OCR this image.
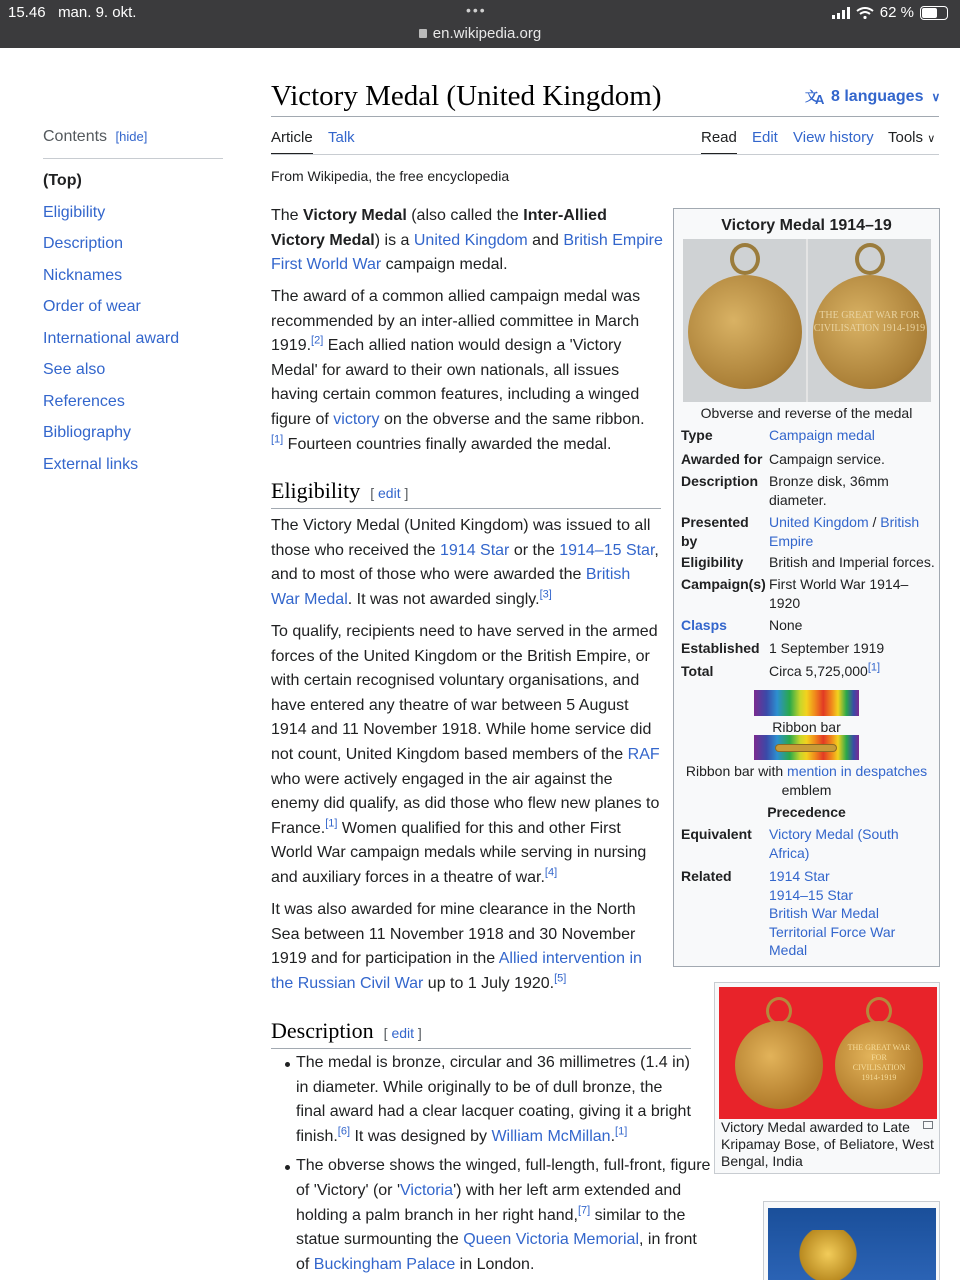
15.46 man. 9. okt.	•••
en.wikipedia.org
62 %
Contents [hide]
(Top)
Eligibility
Description
Nicknames
Order of wear
International award
See also
References
Bibliography
External links
Victory Medal (United Kingdom)	文
A 8 languages ∨
Article Talk	Read Edit View history Tools ∨
From Wikipedia, the free encyclopedia

The Victory Medal (also called the Inter-Allied Victory Medal) is a United Kingdom and British Empire First World War campaign medal.

The award of a common allied campaign medal was recommended by an inter-allied committee in March 1919.[2] Each allied nation would design a 'Victory Medal' for award to their own nationals, all issues having certain common features, including a winged figure of victory on the obverse and the same ribbon.[1] Fourteen countries finally awarded the medal.

Eligibility [ edit ]

The Victory Medal (United Kingdom) was issued to all those who received the 1914 Star or the 1914–15 Star, and to most of those who were awarded the British War Medal. It was not awarded singly.[3]

To qualify, recipients need to have served in the armed forces of the United Kingdom or the British Empire, or with certain recognised voluntary organisations, and have entered any theatre of war between 5 August 1914 and 11 November 1918. While home service did not count, United Kingdom based members of the RAF who were actively engaged in the air against the enemy did qualify, as did those who flew new planes to France.[1] Women qualified for this and other First World War campaign medals while serving in nursing and auxiliary forces in a theatre of war.[4]

It was also awarded for mine clearance in the North Sea between 11 November 1918 and 30 November 1919 and for participation in the Allied intervention in the Russian Civil War up to 1 July 1920.[5]

Description [ edit ]
The medal is bronze, circular and 36 millimetres (1.4 in) in diameter. While originally to be of dull bronze, the final award had a clear lacquer coating, giving it a bright finish.[6] It was designed by William McMillan.[1]
The obverse shows the winged, full-length, full-front, figure of 'Victory' (or 'Victoria') with her left arm extended and holding a palm branch in her right hand,[7] similar to the statue surmounting the Queen Victoria Memorial, in front of Buckingham Palace in London.
Victory Medal 1914–19
THE GREAT WAR FOR CIVILISATION 1914-1919
Obverse and reverse of the medal
Type	Campaign medal
Awarded for Campaign service.
Description Bronze disk, 36mm diameter.
Presented by
United Kingdom / British Empire
Eligibility	British and Imperial forces.
Campaign(s) First World War 1914–1920
Clasps	None
Established 1 September 1919
Total	Circa 5,725,000[1]
Ribbon bar
Ribbon bar with mention in despatches emblem
Precedence
Equivalent	Victory Medal (South Africa)
Related	1914 Star
1914–15 Star
British War Medal
Territorial Force War Medal
THE GREAT WAR FOR CIVILISATION 1914-1919
Victory Medal awarded to Late Kripamay Bose, of Beliatore, West Bengal, India
